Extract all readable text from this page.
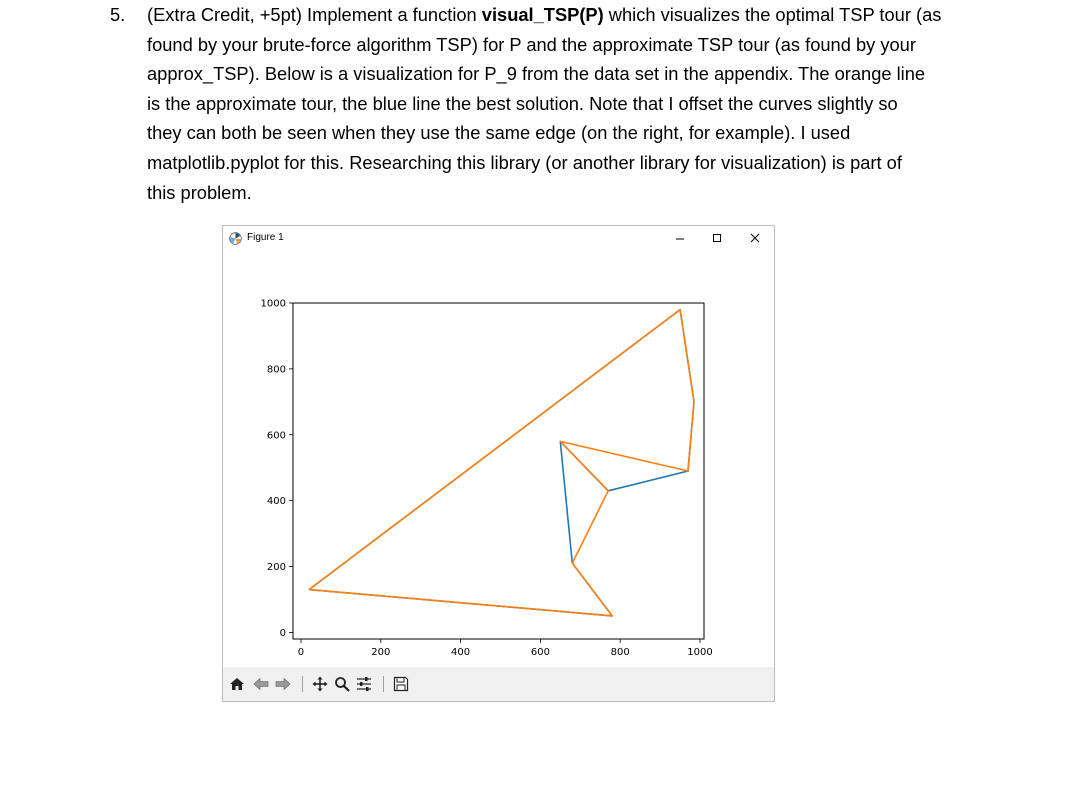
5. (Extra Credit, +5pt) Implement a function visual_TSP(P) which visualizes the optimal TSP tour (as
found by your brute-force algorithm TSP) for P and the approximate TSP tour (as found by your
approx_TSP). Below is a visualization for P_9 from the data set in the appendix. The orange line
is the approximate tour, the blue line the best solution. Note that I offset the curves slightly so
they can both be seen when they use the same edge (on the right, for example). I used
matplotlib.pyplot for this. Researching this library (or another library for visualization) is part of
this problem.
Figure 1
0	200	400	600	800	1000
0
200
400
600
800
1000
